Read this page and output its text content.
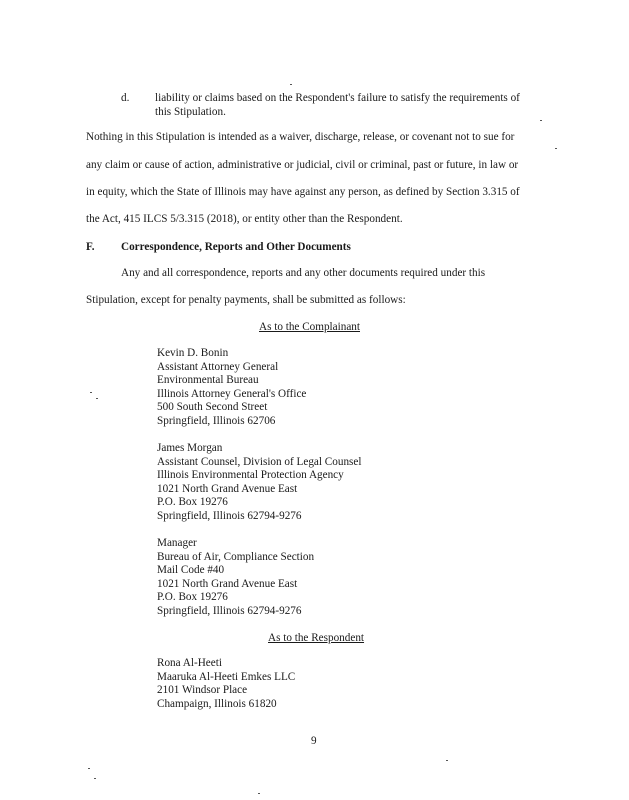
d. liability or claims based on the Respondent's failure to satisfy the requirements of
this Stipulation.
Nothing in this Stipulation is intended as a waiver, discharge, release, or covenant not to sue for
any claim or cause of action, administrative or judicial, civil or criminal, past or future, in law or
in equity, which the State of Illinois may have against any person, as defined by Section 3.315 of
the Act, 415 ILCS 5/3.315 (2018), or entity other than the Respondent.
F. Correspondence, Reports and Other Documents
Any and all correspondence, reports and any other documents required under this
Stipulation, except for penalty payments, shall be submitted as follows:
As to the Complainant
Kevin D. Bonin
Assistant Attorney General
Environmental Bureau
Illinois Attorney General's Office
500 South Second Street
Springfield, Illinois 62706
James Morgan
Assistant Counsel, Division of Legal Counsel
Illinois Environmental Protection Agency
1021 North Grand Avenue East
P.O. Box 19276
Springfield, Illinois 62794-9276
Manager
Bureau of Air, Compliance Section
Mail Code #40
1021 North Grand Avenue East
P.O. Box 19276
Springfield, Illinois 62794-9276
As to the Respondent
Rona Al-Heeti
Maaruka Al-Heeti Emkes LLC
2101 Windsor Place
Champaign, Illinois 61820
9
